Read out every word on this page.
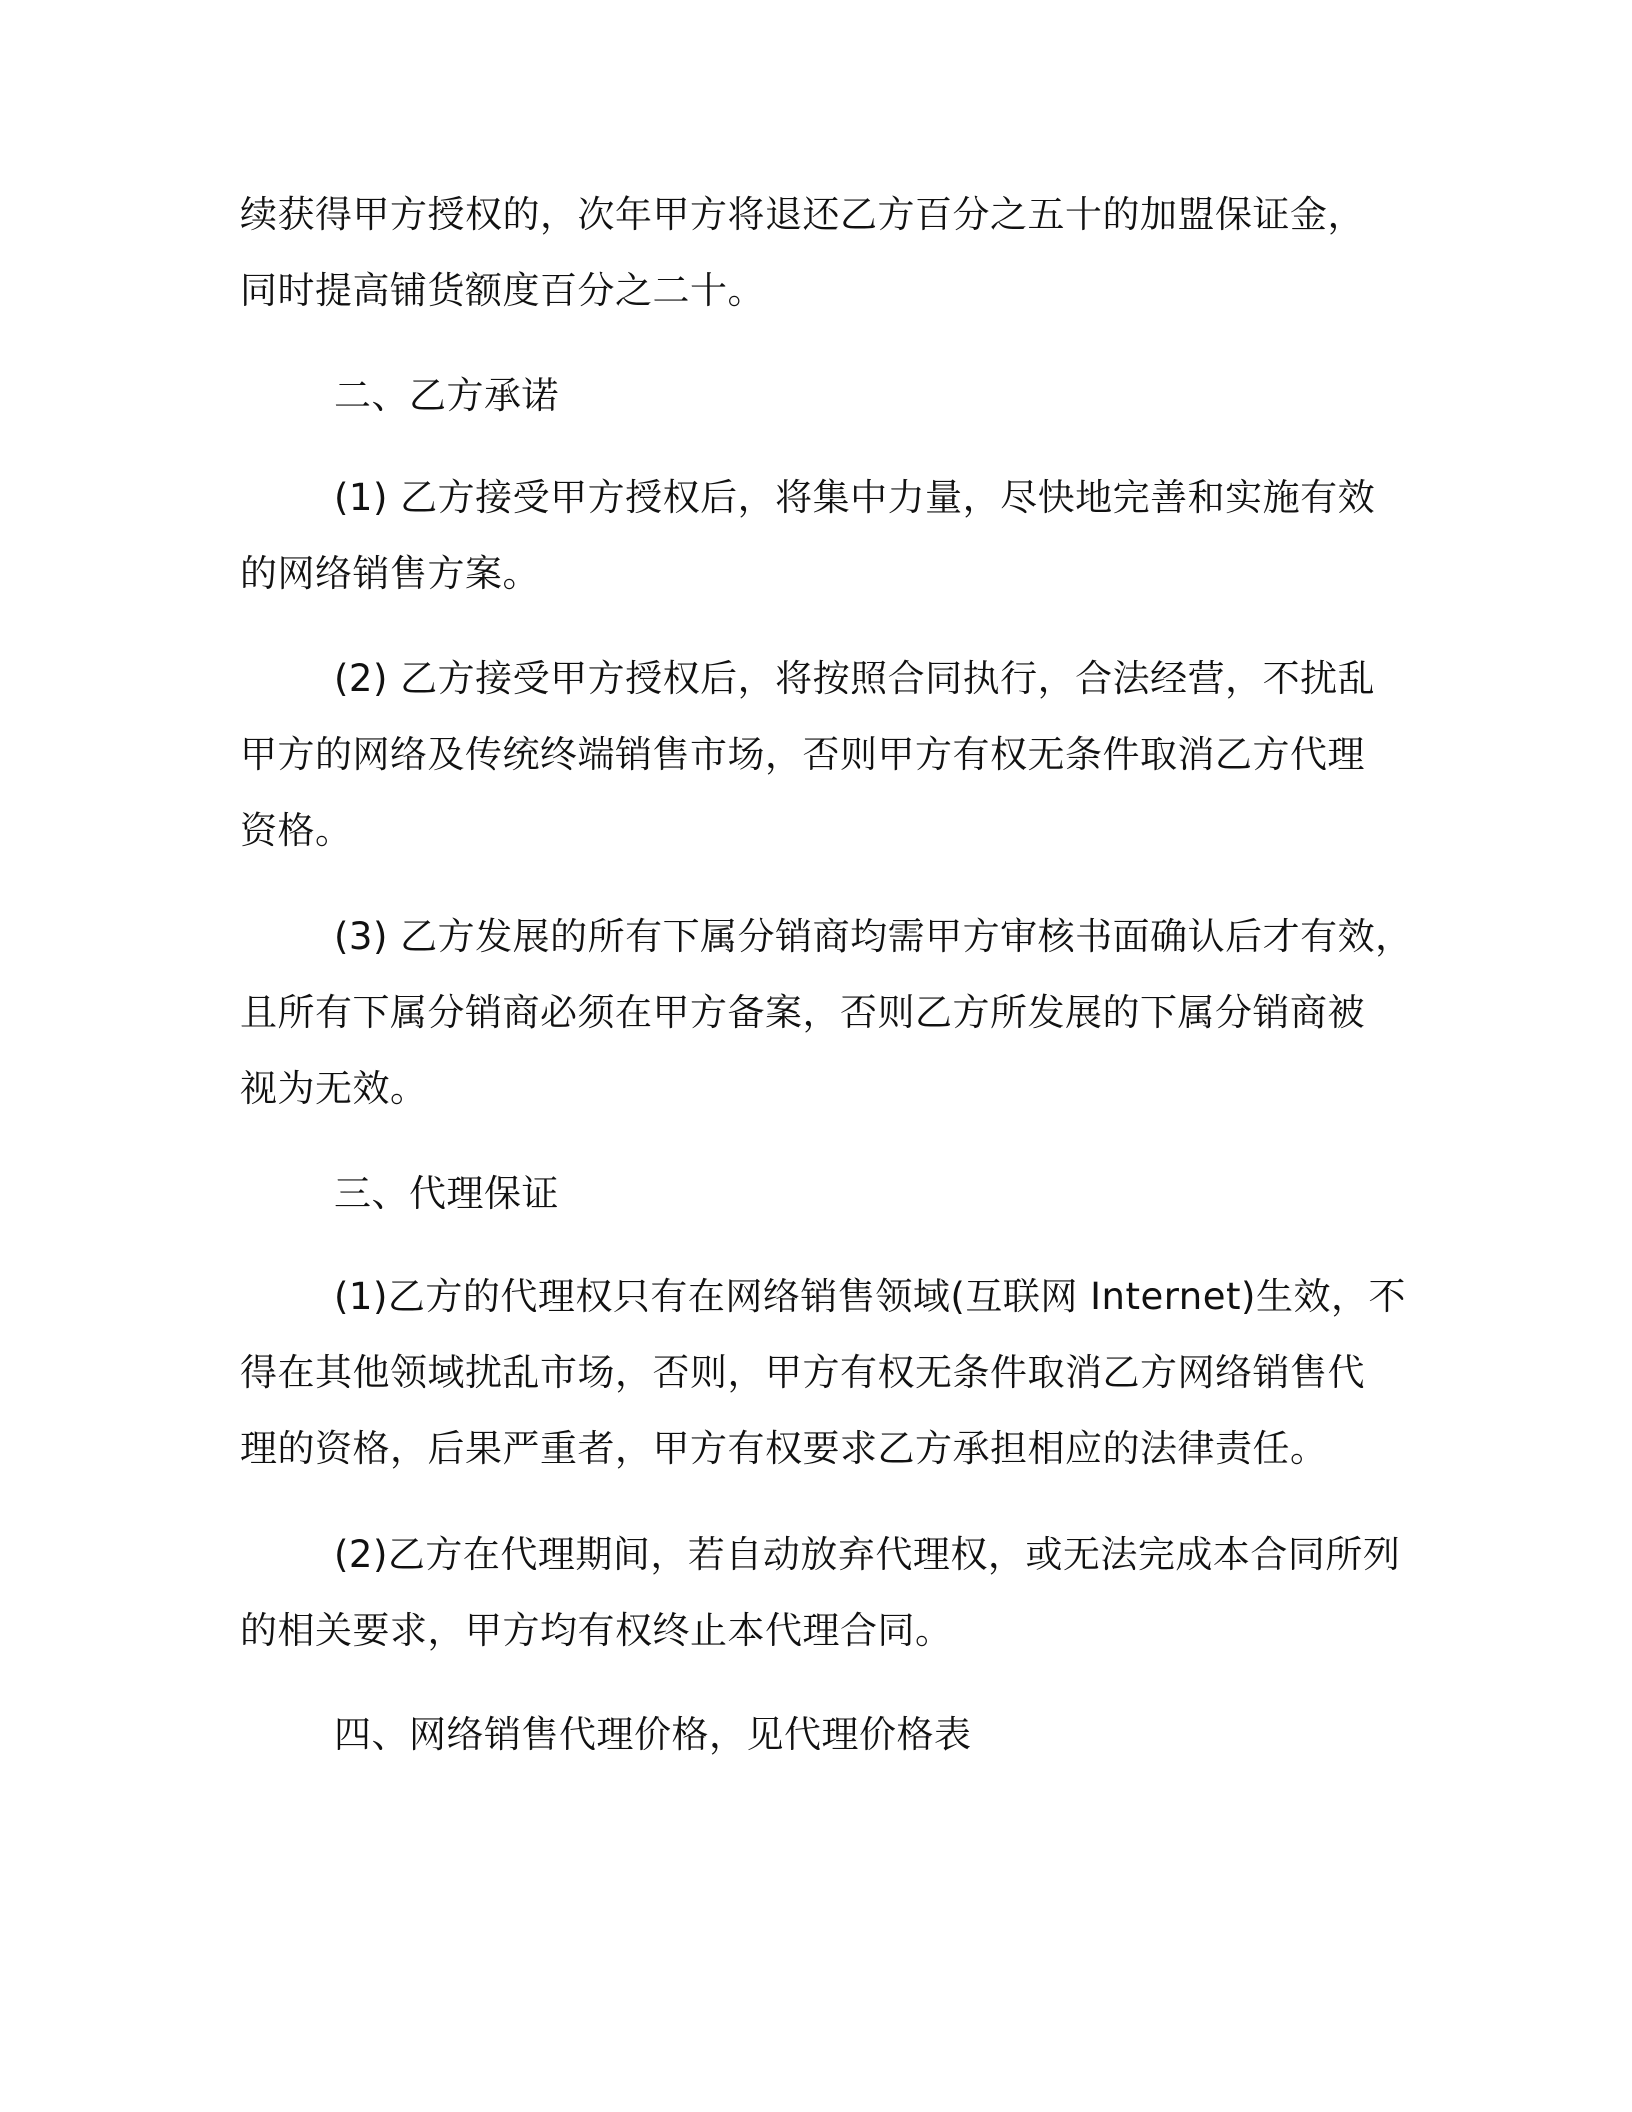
续获得甲方授权的，次年甲方将退还乙方百分之五十的加盟保证金，
同时提高铺货额度百分之二十。
二、乙方承诺
(1) 乙方接受甲方授权后，将集中力量，尽快地完善和实施有效
的网络销售方案。
(2) 乙方接受甲方授权后，将按照合同执行，合法经营，不扰乱
甲方的网络及传统终端销售市场，否则甲方有权无条件取消乙方代理
资格。
(3) 乙方发展的所有下属分销商均需甲方审核书面确认后才有效，
且所有下属分销商必须在甲方备案，否则乙方所发展的下属分销商被
视为无效。
三、代理保证
(1)乙方的代理权只有在网络销售领域(互联网 Internet)生效，不
得在其他领域扰乱市场，否则，甲方有权无条件取消乙方网络销售代
理的资格，后果严重者，甲方有权要求乙方承担相应的法律责任。
(2)乙方在代理期间，若自动放弃代理权，或无法完成本合同所列
的相关要求，甲方均有权终止本代理合同。
四、网络销售代理价格，见代理价格表
